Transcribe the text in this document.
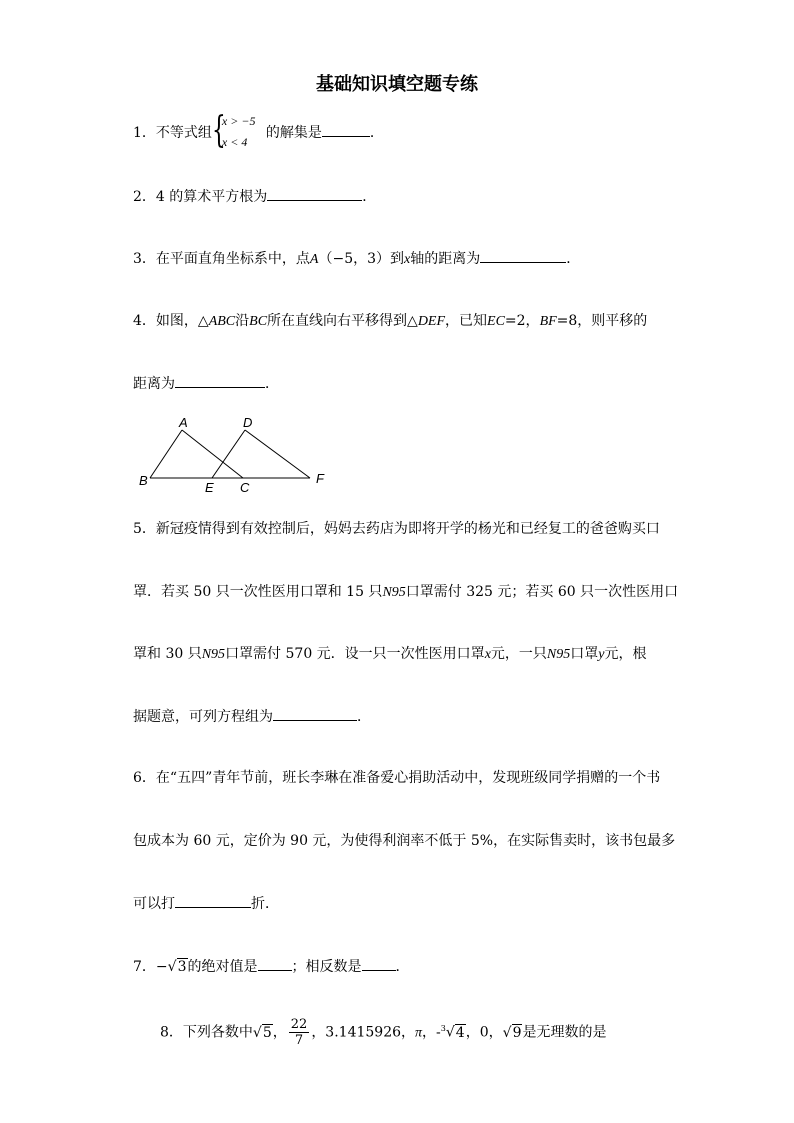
基础知识填空题专练
1．不等式组 {
x > −5
x < 4
的解集是	．
2．4 的算术平方根为	．
3．在平面直角坐标系中，点A（−5，3）到x轴的距离为	．
4．如图，△ABC沿BC所在直线向右平移得到△DEF，已知EC=2，BF=8，则平移的
距离为	．
A
B	C
D
E
F
5．新冠疫情得到有效控制后，妈妈去药店为即将开学的杨光和已经复工的爸爸购买口
罩．若买 50 只一次性医用口罩和 15 只N95口罩需付 325 元；若买 60 只一次性医用口
罩和 30 只N95口罩需付 570 元．设一只一次性医用口罩x元，一只N95口罩y元，根
据题意，可列方程组为	．
6．在“五四”青年节前，班长李琳在准备爱心捐助活动中，发现班级同学捐赠的一个书
包成本为 60 元，定价为 90 元，为使得利润率不低于 5%，在实际售卖时，该书包最多
可以打	折．
7．−√3的绝对值是 ；相反数是 ．
8．下列各数中√5， $\frac{22}{7}$ ，3.1415926，π，-$^3$√4，0，√9是无理数的是
